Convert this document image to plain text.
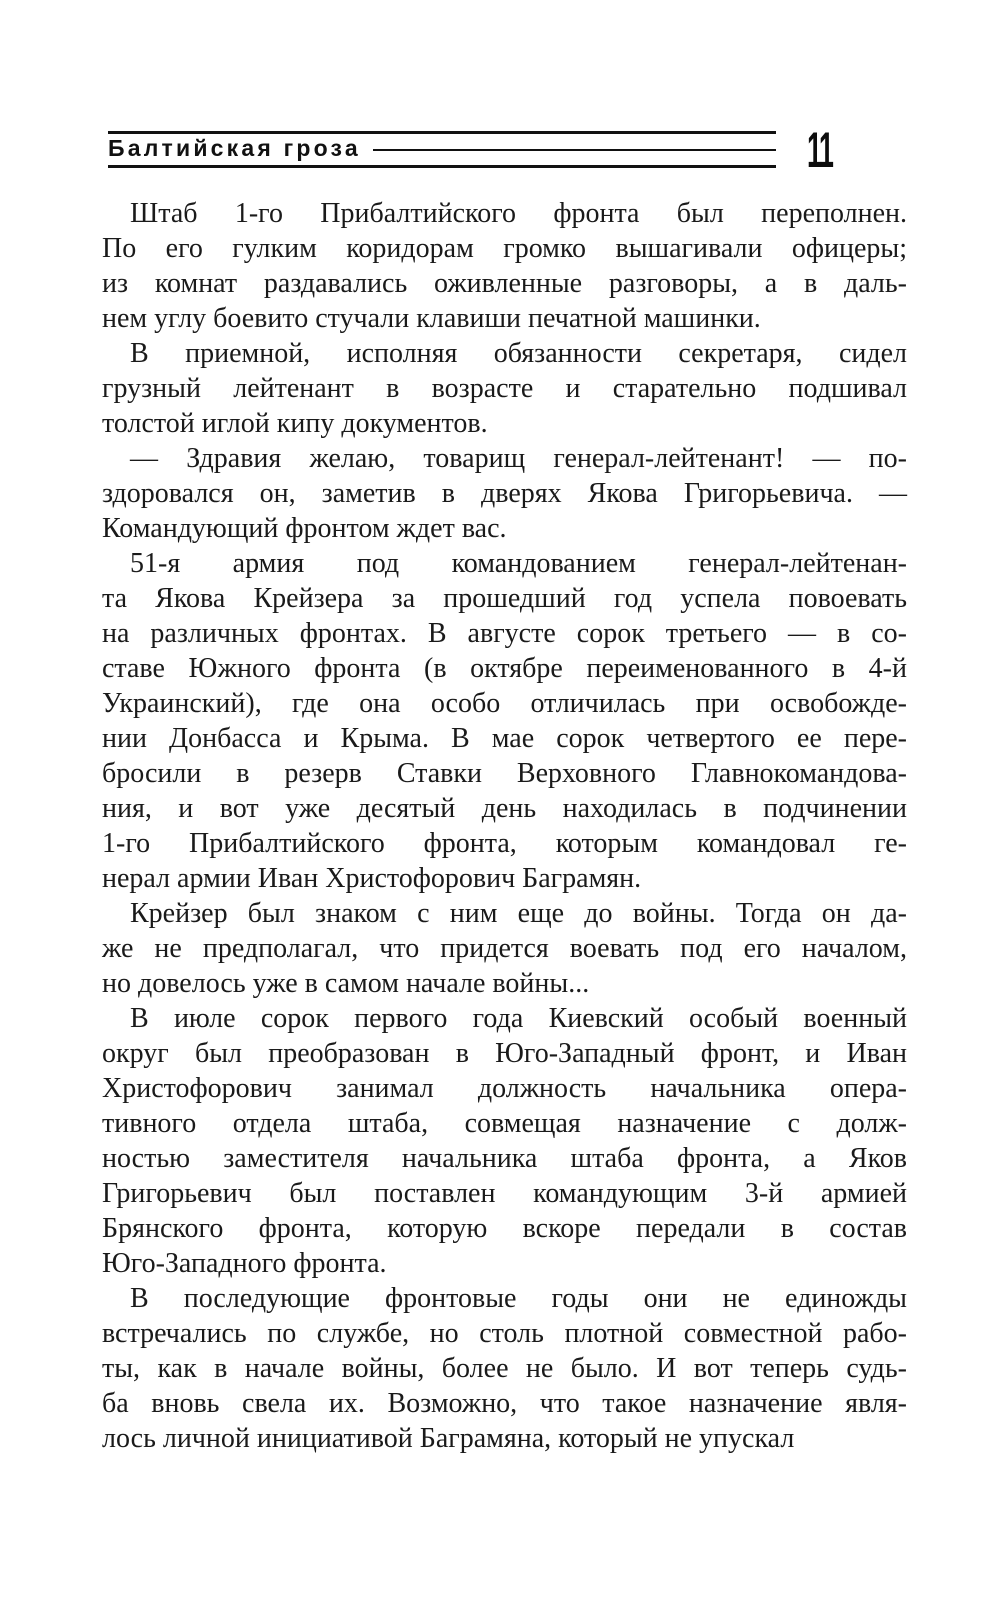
Балтийская гроза	11

Штаб 1-го Прибалтийского фронта был переполнен.
По его гулким коридорам громко вышагивали офицеры;
из комнат раздавались оживленные разговоры, а в даль-
нем углу боевито стучали клавиши печатной машинки.

В приемной, исполняя обязанности секретаря, сидел
грузный лейтенант в возрасте и старательно подшивал
толстой иглой кипу документов.

— Здравия желаю, товарищ генерал-лейтенант! — по-
здоровался он, заметив в дверях Якова Григорьевича. —
Командующий фронтом ждет вас.

51-я армия под командованием генерал-лейтенан-
та Якова Крейзера за прошедший год успела повоевать
на различных фронтах. В августе сорок третьего — в со-
ставе Южного фронта (в октябре переименованного в 4-й
Украинский), где она особо отличилась при освобожде-
нии Донбасса и Крыма. В мае сорок четвертого ее пере-
бросили в резерв Ставки Верховного Главнокомандова-
ния, и вот уже десятый день находилась в подчинении
1-го Прибалтийского фронта, которым командовал ге-
нерал армии Иван Христофорович Баграмян.

Крейзер был знаком с ним еще до войны. Тогда он да-
же не предполагал, что придется воевать под его началом,
но довелось уже в самом начале войны...

В июле сорок первого года Киевский особый военный
округ был преобразован в Юго-Западный фронт, и Иван
Христофорович занимал должность начальника опера-
тивного отдела штаба, совмещая назначение с долж-
ностью заместителя начальника штаба фронта, а Яков
Григорьевич был поставлен командующим 3-й армией
Брянского фронта, которую вскоре передали в состав
Юго-Западного фронта.

В последующие фронтовые годы они не единожды
встречались по службе, но столь плотной совместной рабо-
ты, как в начале войны, более не было. И вот теперь судь-
ба вновь свела их. Возможно, что такое назначение явля-
лось личной инициативой Баграмяна, который не упускал
